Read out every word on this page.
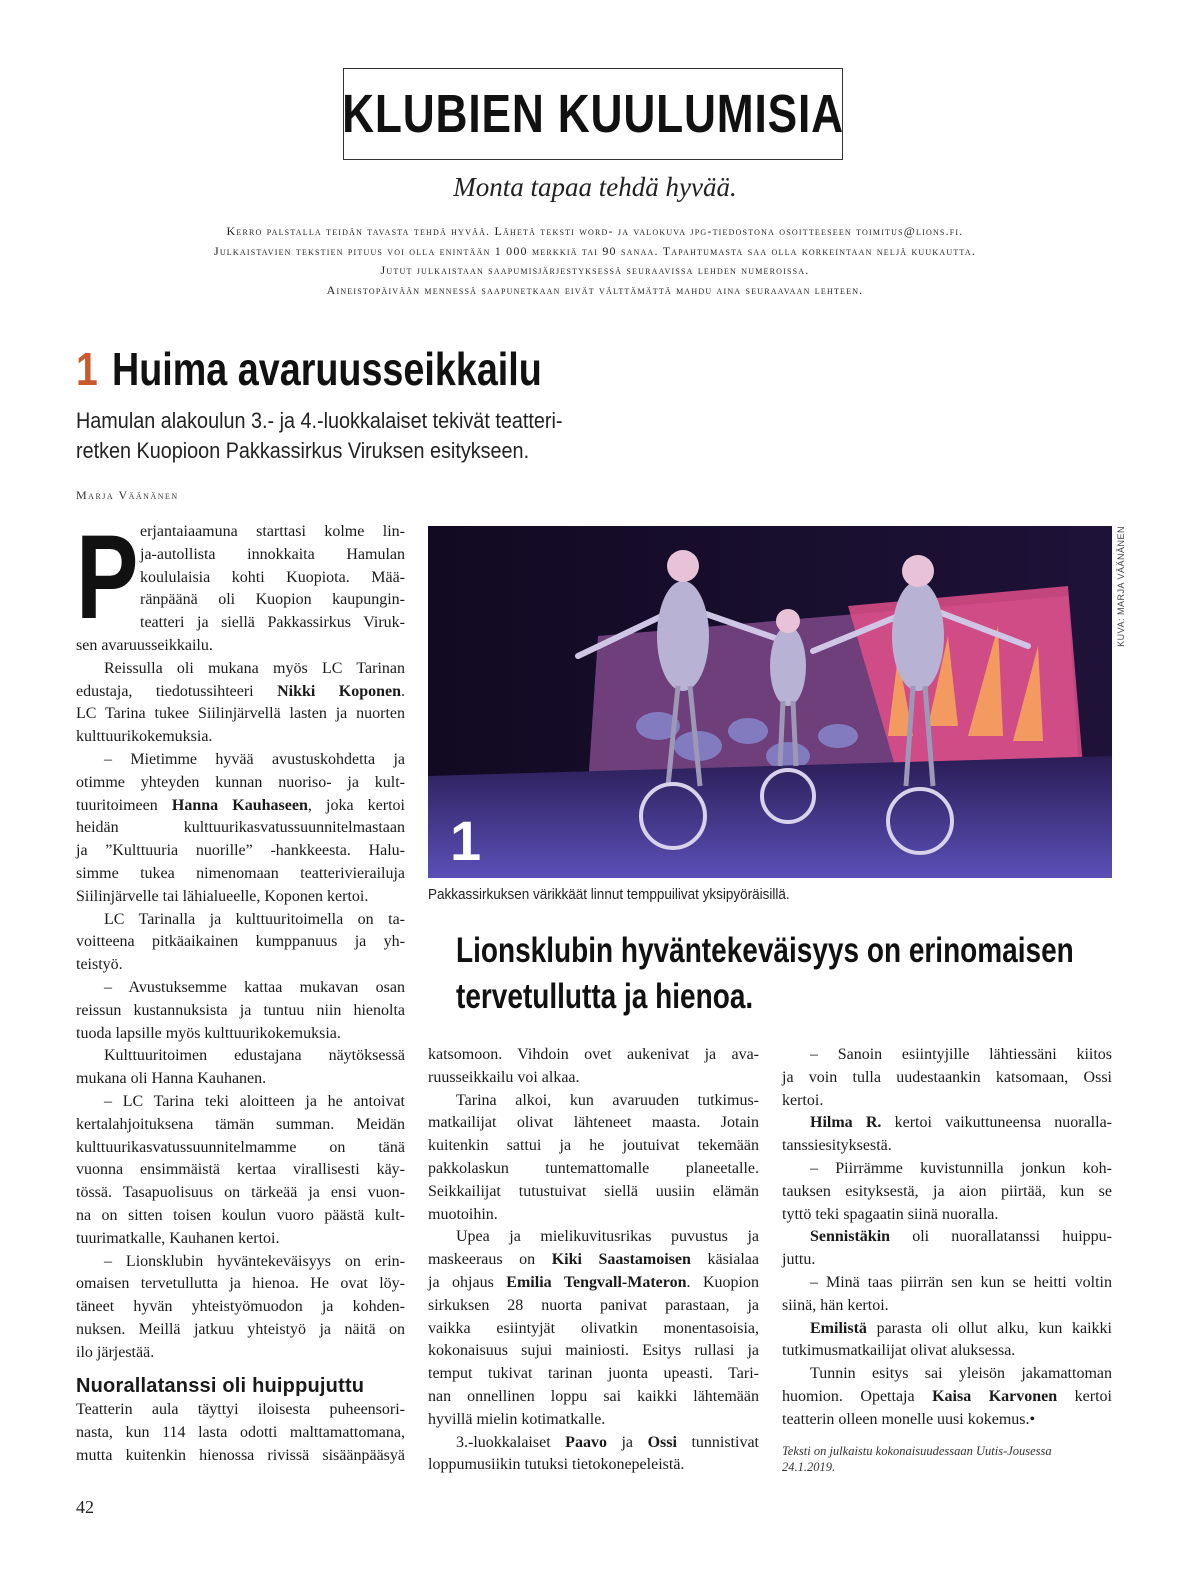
KLUBIEN KUULUMISIA
Monta tapaa tehdä hyvää.
Kerro palstalla teidän tavasta tehdä hyvää. Lähetä teksti word- ja valokuva jpg-tiedostona osoitteeseen toimitus@lions.fi.
Julkaistavien tekstien pituus voi olla enintään 1 000 merkkiä tai 90 sanaa. Tapahtumasta saa olla korkeintaan neljä kuukautta.
Jutut julkaistaan saapumisjärjestyksessä seuraavissa lehden numeroissa.
Aineistopäivään mennessä saapunetkaan eivät välttämättä mahdu aina seuraavaan lehteen.
1 Huima avaruusseikkailu
Hamulan alakoulun 3.- ja 4.-luokkalaiset tekivät teatteri-
retken Kuopioon Pakkassirkus Viruksen esitykseen.
Marja Väänänen
P erjantaiaamuna starttasi kolme lin-
ja-autollista innokkaita Hamulan
koululaisia kohti Kuopiota. Mää-
ränpäänä oli Kuopion kaupungin-
teatteri ja siellä Pakkassirkus Viruk-
sen avaruusseikkailu.
Reissulla oli mukana myös LC Tarinan
edustaja, tiedotussihteeri Nikki Koponen.
LC Tarina tukee Siilinjärvellä lasten ja nuorten
kulttuurikokemuksia.
– Mietimme hyvää avustuskohdetta ja
otimme yhteyden kunnan nuoriso- ja kult-
tuuritoimeen Hanna Kauhaseen, joka kertoi
heidän kulttuurikasvatussuunnitelmastaan
ja ”Kulttuuria nuorille” -hankkeesta. Halu-
simme tukea nimenomaan teatterivierailuja
Siilinjärvelle tai lähialueelle, Koponen kertoi.
LC Tarinalla ja kulttuuritoimella on ta-
voitteena pitkäaikainen kumppanuus ja yh-
teistyö.
– Avustuksemme kattaa mukavan osan
reissun kustannuksista ja tuntuu niin hienolta
tuoda lapsille myös kulttuurikokemuksia.
Kulttuuritoimen edustajana näytöksessä
mukana oli Hanna Kauhanen.
– LC Tarina teki aloitteen ja he antoivat
kertalahjoituksena tämän summan. Meidän
kulttuurikasvatussuunnitelmamme on tänä
vuonna ensimmäistä kertaa virallisesti käy-
tössä. Tasapuolisuus on tärkeää ja ensi vuon-
na on sitten toisen koulun vuoro päästä kult-
tuurimatkalle, Kauhanen kertoi.
– Lionsklubin hyväntekeväisyys on erin-
omaisen tervetullutta ja hienoa. He ovat löy-
täneet hyvän yhteistyömuodon ja kohden-
nuksen. Meillä jatkuu yhteistyö ja näitä on
ilo järjestää.
Nuorallatanssi oli huippujuttu
Teatterin aula täyttyi iloisesta puheensori-
nasta, kun 114 lasta odotti malttamattomana,
mutta kuitenkin hienossa rivissä sisäänpääsyä
1
KUVA: MARJA VÄÄNÄNEN
Pakkassirkuksen värikkäät linnut temppuilivat yksipyöräisillä.
Lionsklubin hyväntekeväisyys on erinomaisen
tervetullutta ja hienoa.
katsomoon. Vihdoin ovet aukenivat ja ava-
ruusseikkailu voi alkaa.
Tarina alkoi, kun avaruuden tutkimus-
matkailijat olivat lähteneet maasta. Jotain
kuitenkin sattui ja he joutuivat tekemään
pakkolaskun tuntemattomalle planeetalle.
Seikkailijat tutustuivat siellä uusiin elämän
muotoihin.
Upea ja mielikuvitusrikas puvustus ja
maskeeraus on Kiki Saastamoisen käsialaa
ja ohjaus Emilia Tengvall-Materon. Kuopion
sirkuksen 28 nuorta panivat parastaan, ja
vaikka esiintyjät olivatkin monentasoisia,
kokonaisuus sujui mainiosti. Esitys rullasi ja
temput tukivat tarinan juonta upeasti. Tari-
nan onnellinen loppu sai kaikki lähtemään
hyvillä mielin kotimatkalle.
3.-luokkalaiset Paavo ja Ossi tunnistivat
loppumusiikin tutuksi tietokonepeleistä.
– Sanoin esiintyjille lähtiessäni kiitos
ja voin tulla uudestaankin katsomaan, Ossi
kertoi.
Hilma R. kertoi vaikuttuneensa nuoralla-
tanssiesityksestä.
– Piirrämme kuvistunnilla jonkun koh-
tauksen esityksestä, ja aion piirtää, kun se
tyttö teki spagaatin siinä nuoralla.
Sennistäkin oli nuorallatanssi huippu-
juttu.
– Minä taas piirrän sen kun se heitti voltin
siinä, hän kertoi.
Emilistä parasta oli ollut alku, kun kaikki
tutkimusmatkailijat olivat aluksessa.
Tunnin esitys sai yleisön jakamattoman
huomion. Opettaja Kaisa Karvonen kertoi
teatterin olleen monelle uusi kokemus.•
Teksti on julkaistu kokonaisuudessaan Uutis-Jousessa
24.1.2019.
42
